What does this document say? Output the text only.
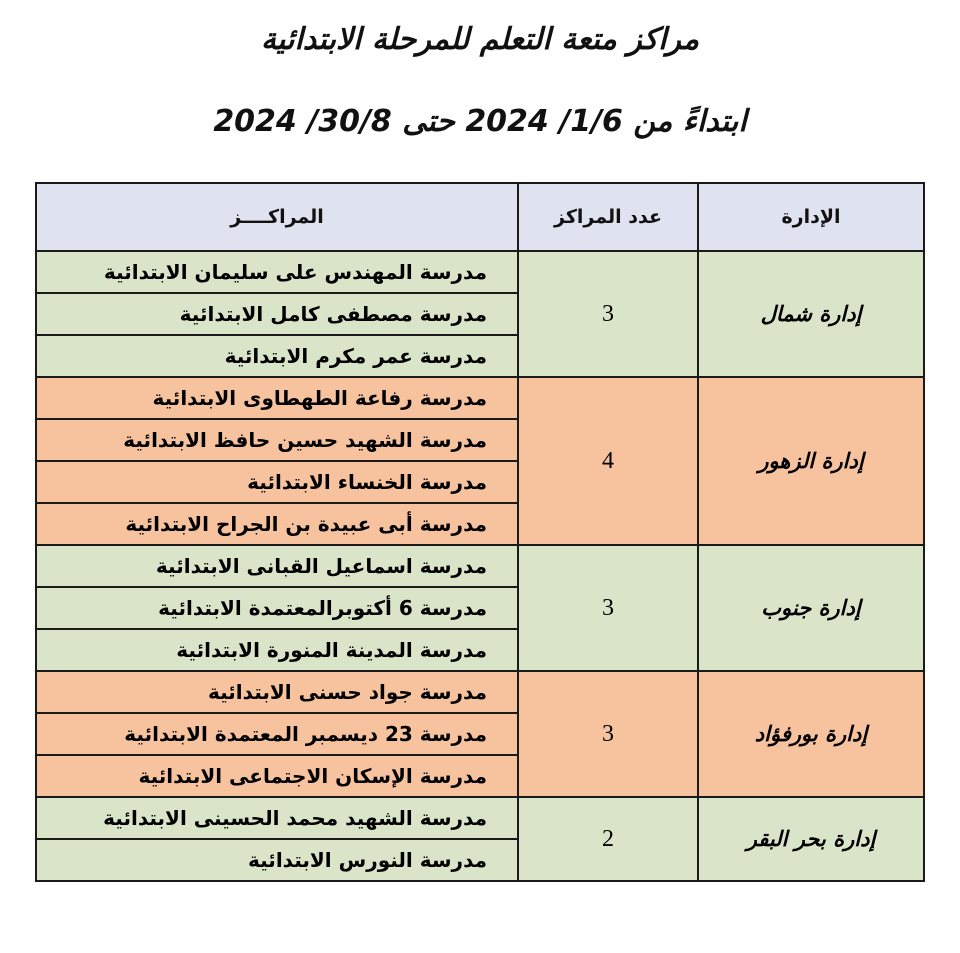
مراكز متعة التعلم للمرحلة الابتدائية
ابتداءً من 1/6/ 2024 حتى 30/8/ 2024
الإدارة	عدد المراكز	المراكــــز
إدارة شمال	3	مدرسة المهندس على سليمان الابتدائية
		مدرسة مصطفى كامل الابتدائية
		مدرسة عمر مكرم الابتدائية
إدارة الزهور	4	مدرسة رفاعة الطهطاوى الابتدائية
		مدرسة الشهيد حسين حافظ الابتدائية
		مدرسة الخنساء الابتدائية
		مدرسة أبى عبيدة بن الجراح الابتدائية
إدارة جنوب	3	مدرسة اسماعيل القبانى الابتدائية
		مدرسة 6 أكتوبرالمعتمدة الابتدائية
		مدرسة المدينة المنورة الابتدائية
إدارة بورفؤاد	3	مدرسة جواد حسنى الابتدائية
		مدرسة 23 ديسمبر المعتمدة الابتدائية
		مدرسة الإسكان الاجتماعى الابتدائية
إدارة بحر البقر	2	مدرسة الشهيد محمد الحسينى الابتدائية
		مدرسة النورس الابتدائية
